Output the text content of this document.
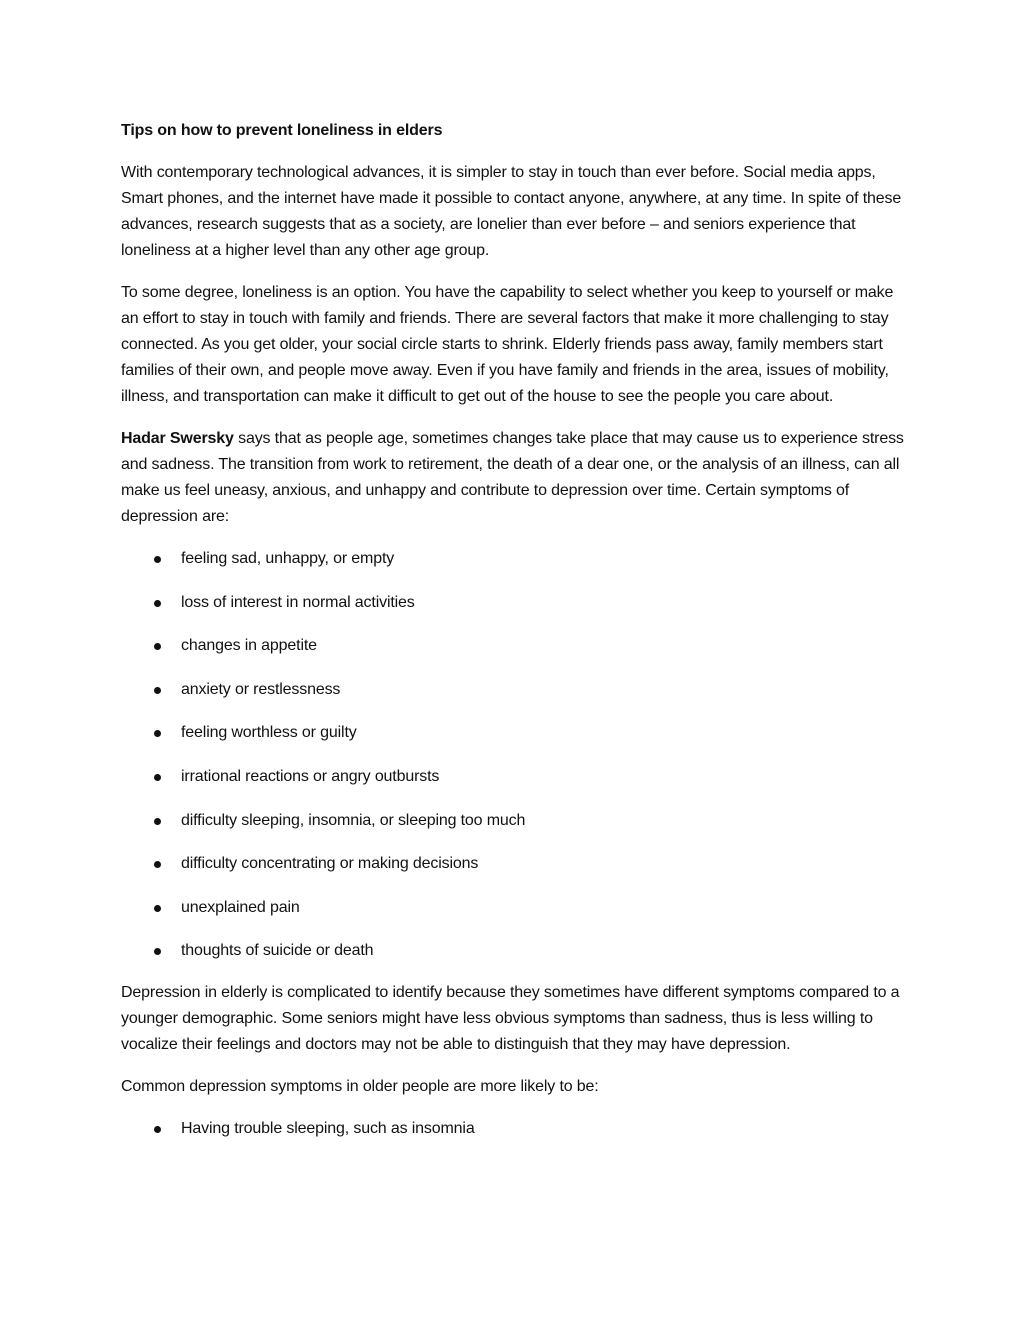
Tips on how to prevent loneliness in elders

With contemporary technological advances, it is simpler to stay in touch than ever before. Social media apps, Smart phones, and the internet have made it possible to contact anyone, anywhere, at any time. In spite of these advances, research suggests that as a society, are lonelier than ever before – and seniors experience that loneliness at a higher level than any other age group.

To some degree, loneliness is an option. You have the capability to select whether you keep to yourself or make an effort to stay in touch with family and friends. There are several factors that make it more challenging to stay connected. As you get older, your social circle starts to shrink. Elderly friends pass away, family members start families of their own, and people move away. Even if you have family and friends in the area, issues of mobility, illness, and transportation can make it difficult to get out of the house to see the people you care about.

Hadar Swersky says that as people age, sometimes changes take place that may cause us to experience stress and sadness. The transition from work to retirement, the death of a dear one, or the analysis of an illness, can all make us feel uneasy, anxious, and unhappy and contribute to depression over time. Certain symptoms of depression are:

feeling sad, unhappy, or empty
loss of interest in normal activities
changes in appetite
anxiety or restlessness
feeling worthless or guilty
irrational reactions or angry outbursts
difficulty sleeping, insomnia, or sleeping too much
difficulty concentrating or making decisions
unexplained pain
thoughts of suicide or death

Depression in elderly is complicated to identify because they sometimes have different symptoms compared to a younger demographic. Some seniors might have less obvious symptoms than sadness, thus is less willing to vocalize their feelings and doctors may not be able to distinguish that they may have depression.

Common depression symptoms in older people are more likely to be:

Having trouble sleeping, such as insomnia
